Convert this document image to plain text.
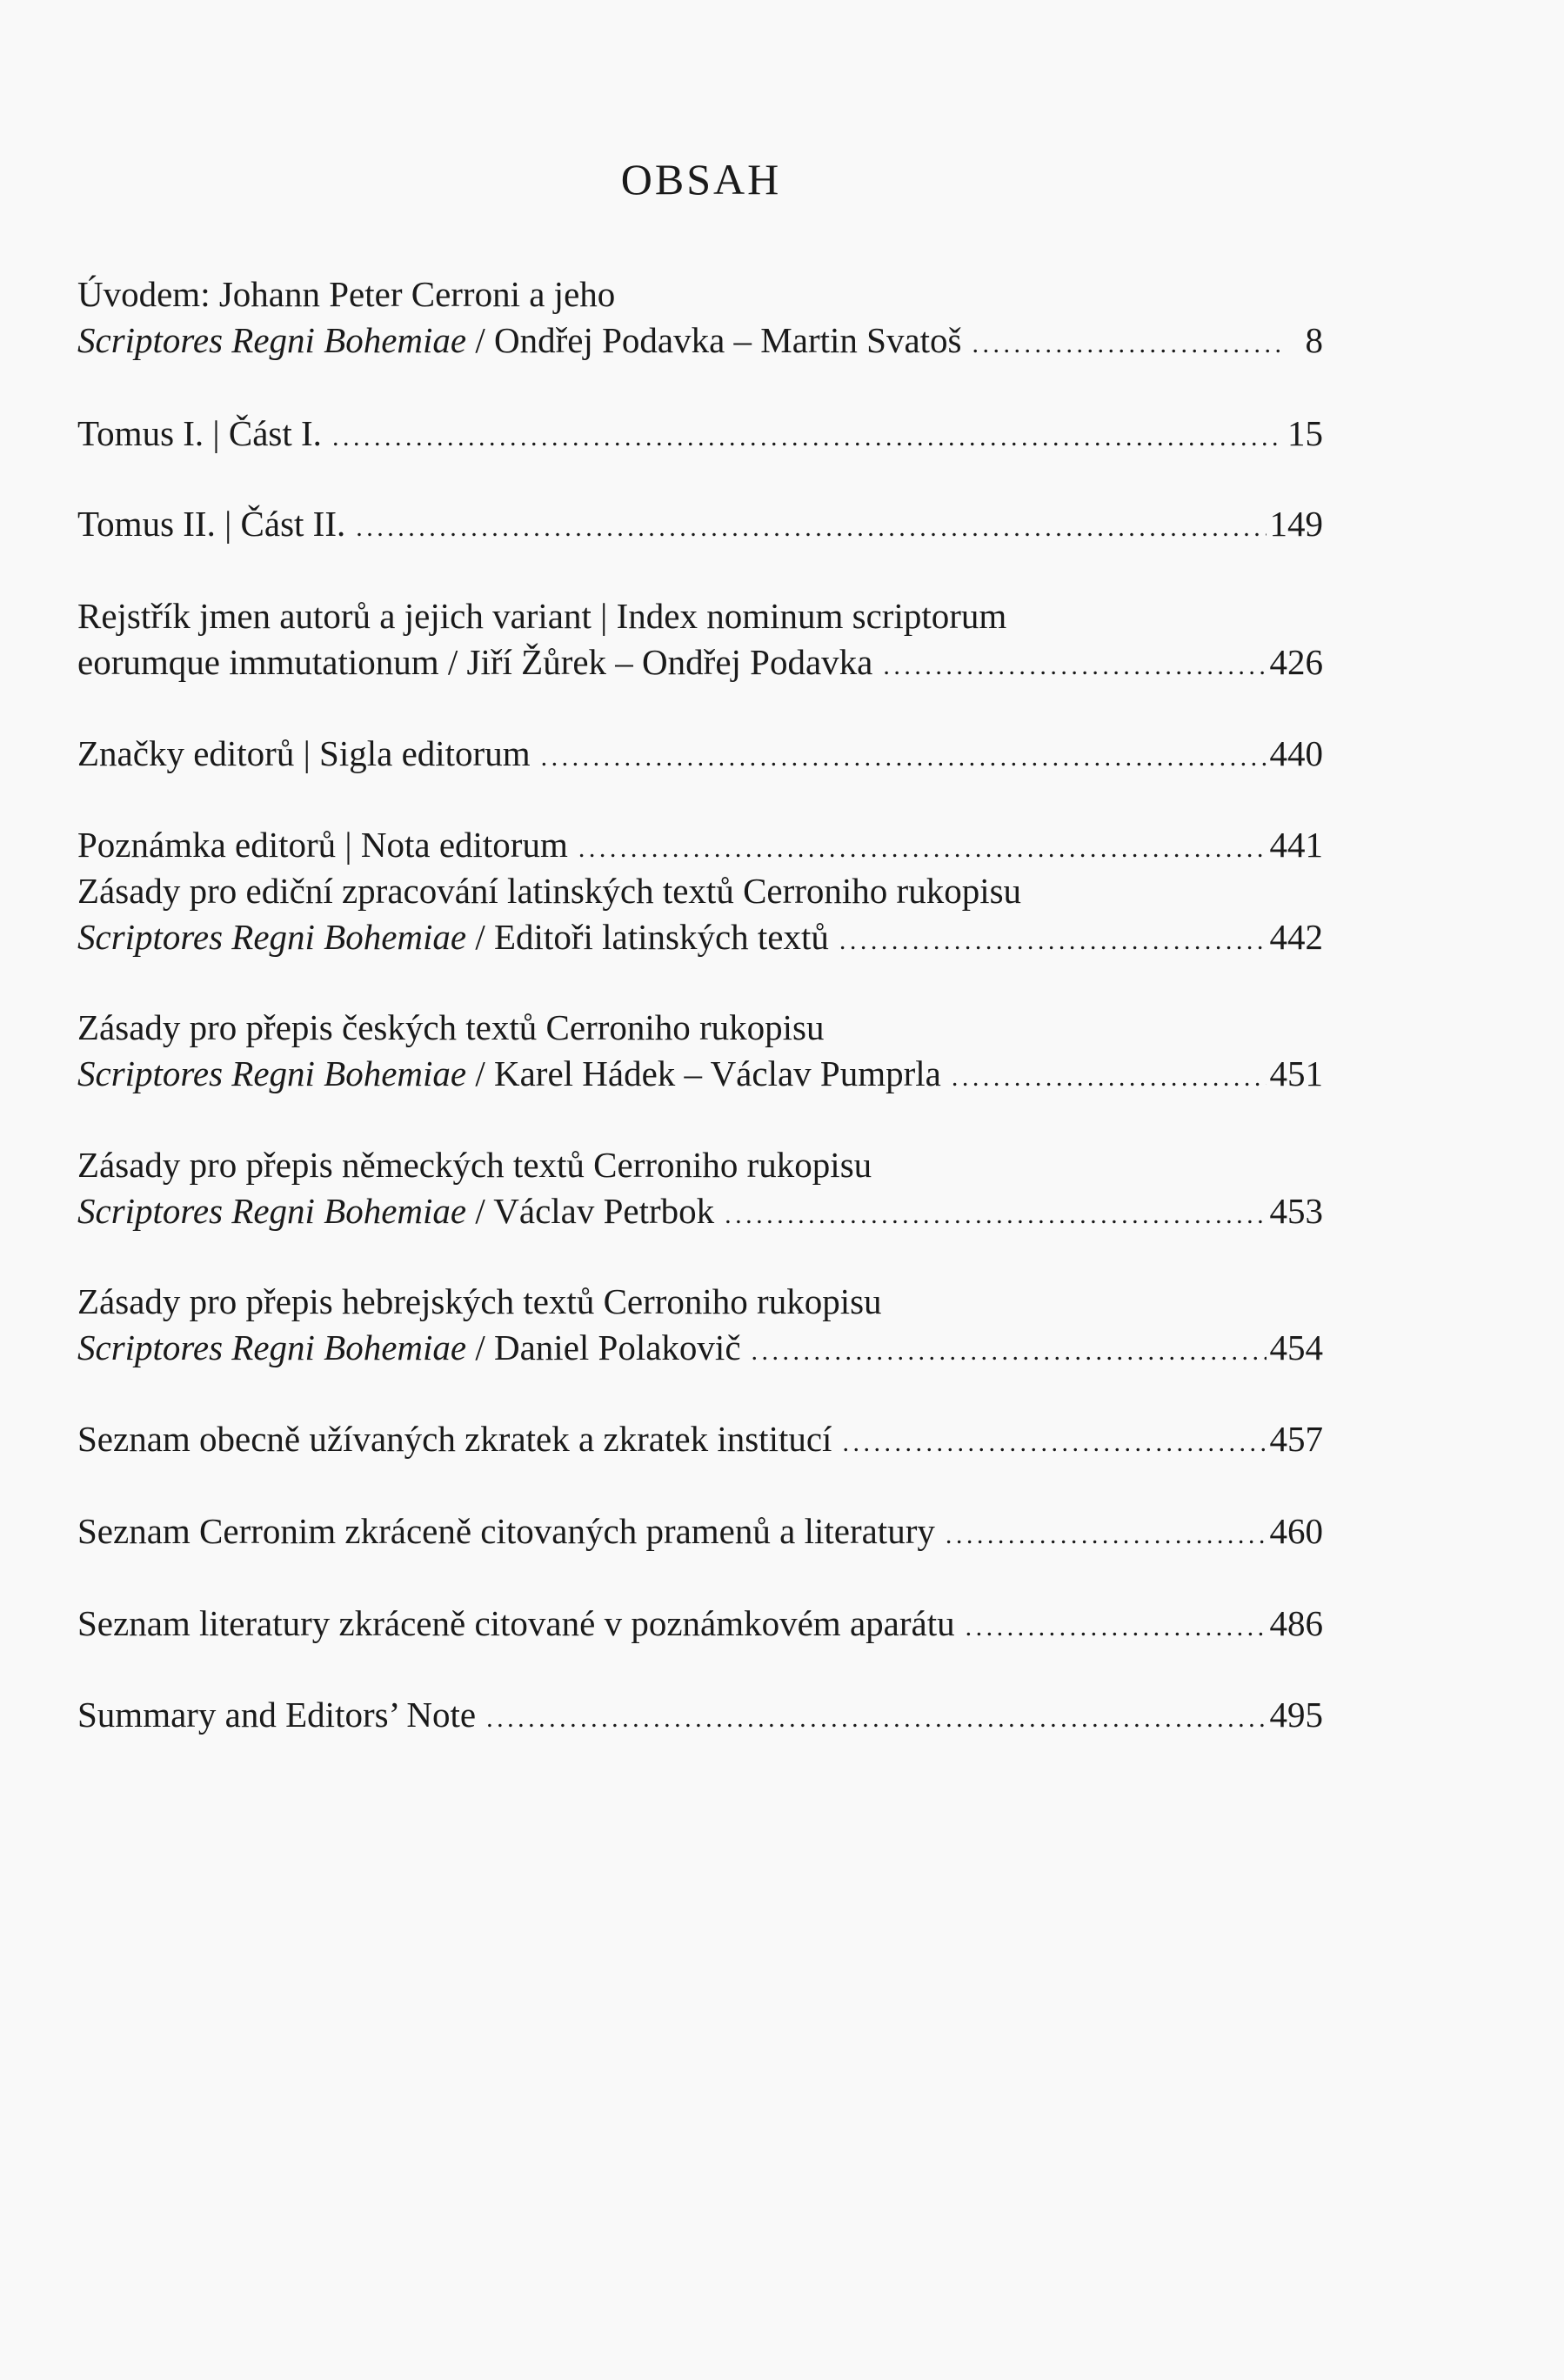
OBSAH
Úvodem: Johann Peter Cerroni a jeho
Scriptores Regni Bohemiae / Ondřej Podavka – Martin Svatoš .....	8
Tomus I. | Část I. .....	15
Tomus II. | Část II. .....	149
Rejstřík jmen autorů a jejich variant | Index nominum scriptorum
eorumque immutationum / Jiří Žůrek – Ondřej Podavka .....	426
Značky editorů | Sigla editorum .....	440
Poznámka editorů | Nota editorum .....	441
Zásady pro ediční zpracování latinských textů Cerroniho rukopisu
Scriptores Regni Bohemiae / Editoři latinských textů .....	442
Zásady pro přepis českých textů Cerroniho rukopisu
Scriptores Regni Bohemiae / Karel Hádek – Václav Pumprla .....	451
Zásady pro přepis německých textů Cerroniho rukopisu
Scriptores Regni Bohemiae / Václav Petrbok .....	453
Zásady pro přepis hebrejských textů Cerroniho rukopisu
Scriptores Regni Bohemiae / Daniel Polakovič .....	454
Seznam obecně užívaných zkratek a zkratek institucí .....	457
Seznam Cerronim zkráceně citovaných pramenů a literatury .....	460
Seznam literatury zkráceně citované v poznámkovém aparátu .....	486
Summary and Editors’ Note .....	495
